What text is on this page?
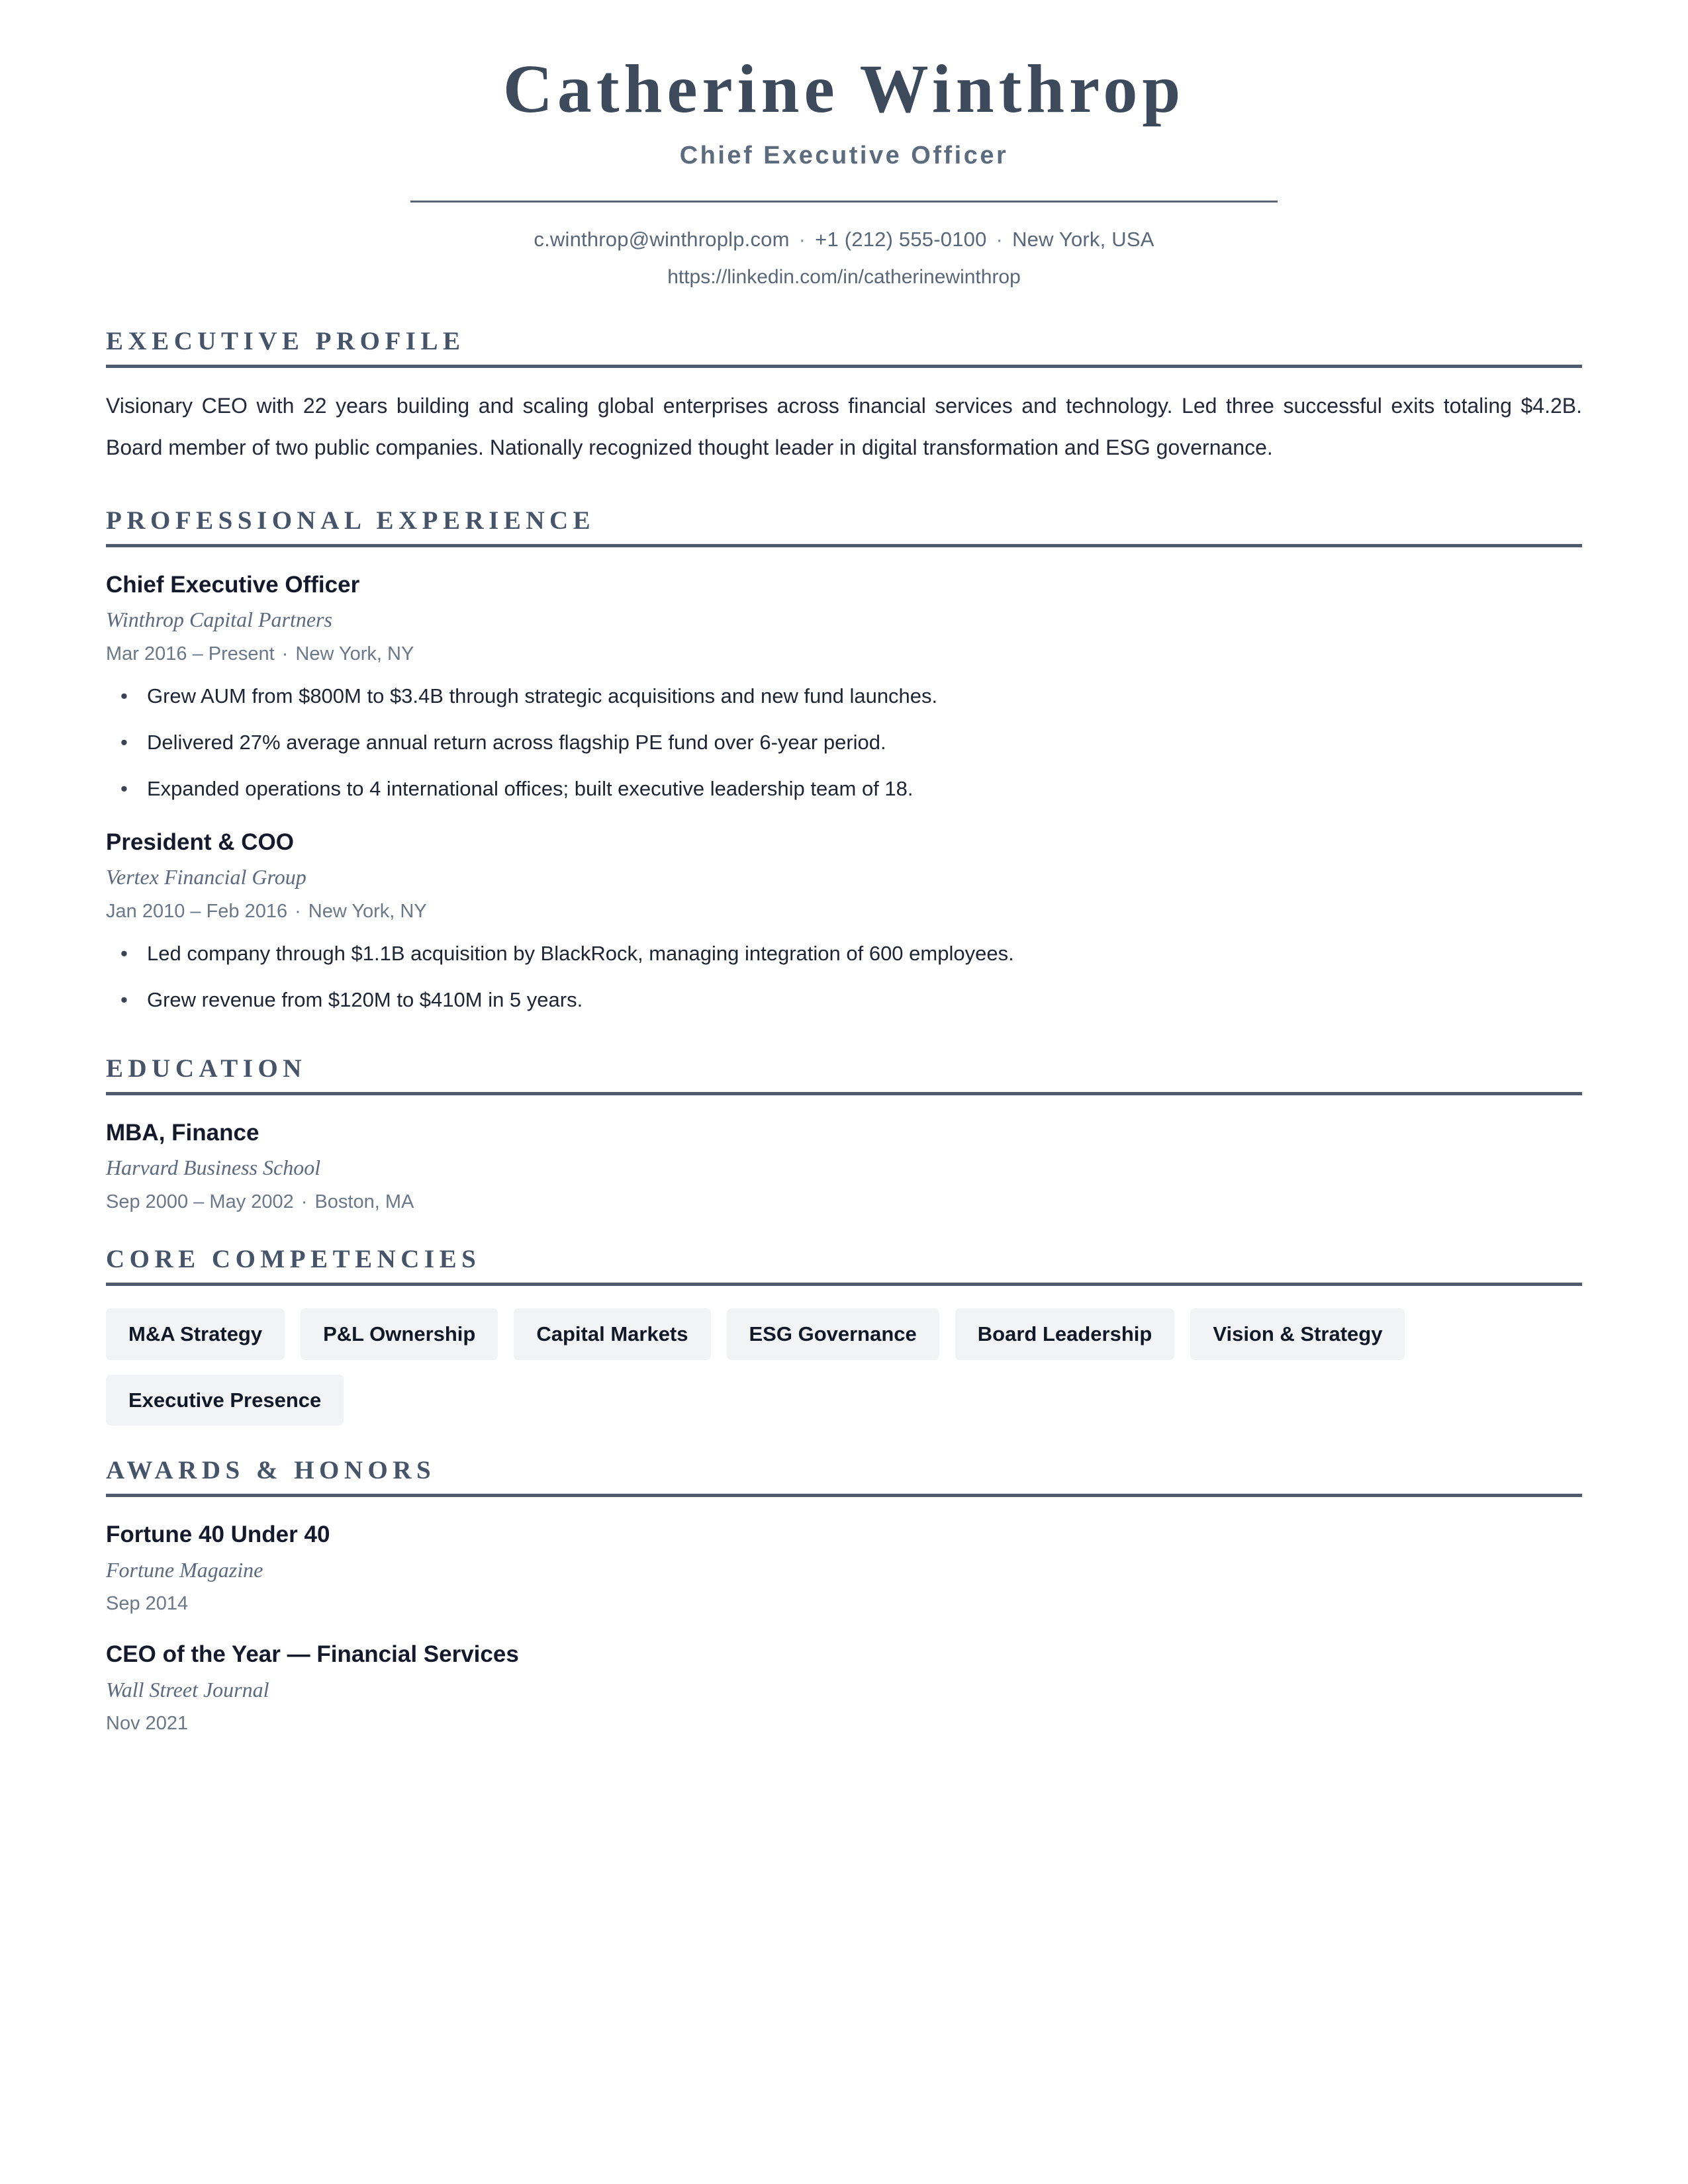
Catherine Winthrop
Chief Executive Officer
c.winthrop@winthroplp.com · +1 (212) 555-0100 · New York, USA
https://linkedin.com/in/catherinewinthrop
EXECUTIVE PROFILE
Visionary CEO with 22 years building and scaling global enterprises across financial services and technology. Led three successful exits totaling $4.2B. Board member of two public companies. Nationally recognized thought leader in digital transformation and ESG governance.
PROFESSIONAL EXPERIENCE
Chief Executive Officer
Winthrop Capital Partners
Mar 2016 – Present · New York, NY
• Grew AUM from $800M to $3.4B through strategic acquisitions and new fund launches.
• Delivered 27% average annual return across flagship PE fund over 6-year period.
• Expanded operations to 4 international offices; built executive leadership team of 18.
President & COO
Vertex Financial Group
Jan 2010 – Feb 2016 · New York, NY
• Led company through $1.1B acquisition by BlackRock, managing integration of 600 employees.
• Grew revenue from $120M to $410M in 5 years.
EDUCATION
MBA, Finance
Harvard Business School
Sep 2000 – May 2002 · Boston, MA
CORE COMPETENCIES
M&A Strategy	P&L Ownership	Capital Markets	ESG Governance	Board Leadership	Vision & Strategy
Executive Presence
AWARDS & HONORS
Fortune 40 Under 40
Fortune Magazine
Sep 2014
CEO of the Year — Financial Services
Wall Street Journal
Nov 2021
